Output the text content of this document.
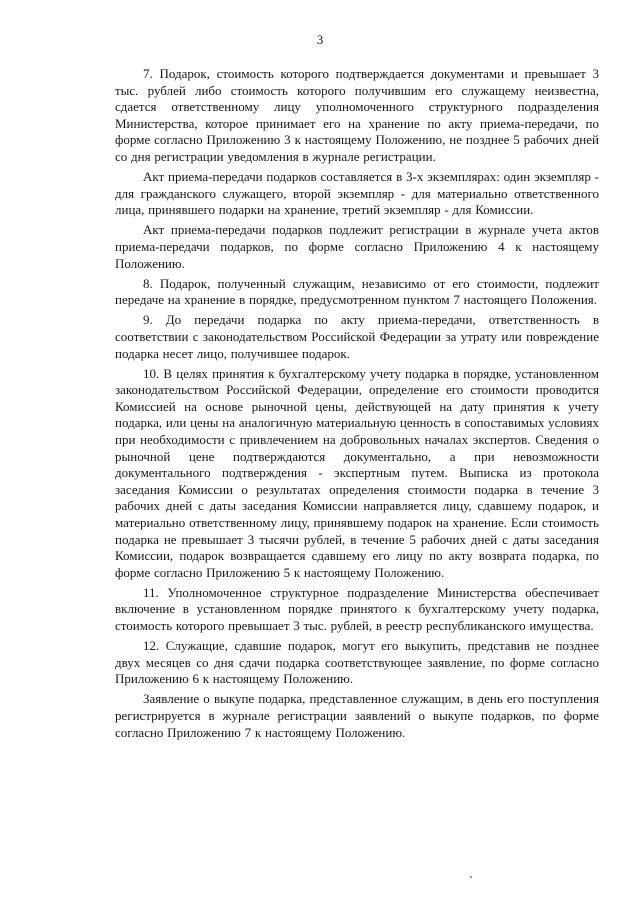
3

7. Подарок, стоимость которого подтверждается документами и превышает 3 тыс. рублей либо стоимость которого получившим его служащему неизвестна, сдается ответственному лицу уполномоченного структурного подразделения Министерства, которое принимает его на хранение по акту приема-передачи, по форме согласно Приложению 3 к настоящему Положению, не позднее 5 рабочих дней со дня регистрации уведомления в журнале регистрации.

Акт приема-передачи подарков составляется в 3-х экземплярах: один экземпляр - для гражданского служащего, второй экземпляр - для материально ответственного лица, принявшего подарки на хранение, третий экземпляр - для Комиссии.

Акт приема-передачи подарков подлежит регистрации в журнале учета актов приема-передачи подарков, по форме согласно Приложению 4 к настоящему Положению.

8. Подарок, полученный служащим, независимо от его стоимости, подлежит передаче на хранение в порядке, предусмотренном пунктом 7 настоящего Положения.

9. До передачи подарка по акту приема-передачи, ответственность в соответствии с законодательством Российской Федерации за утрату или повреждение подарка несет лицо, получившее подарок.

10. В целях принятия к бухгалтерскому учету подарка в порядке, установленном законодательством Российской Федерации, определение его стоимости проводится Комиссией на основе рыночной цены, действующей на дату принятия к учету подарка, или цены на аналогичную материальную ценность в сопоставимых условиях при необходимости с привлечением на добровольных началах экспертов. Сведения о рыночной цене подтверждаются документально, а при невозможности документального подтверждения - экспертным путем. Выписка из протокола заседания Комиссии о результатах определения стоимости подарка в течение 3 рабочих дней с даты заседания Комиссии направляется лицу, сдавшему подарок, и материально ответственному лицу, принявшему подарок на хранение. Если стоимость подарка не превышает 3 тысячи рублей, в течение 5 рабочих дней с даты заседания Комиссии, подарок возвращается сдавшему его лицу по акту возврата подарка, по форме согласно Приложению 5 к настоящему Положению.

11. Уполномоченное структурное подразделение Министерства обеспечивает включение в установленном порядке принятого к бухгалтерскому учету подарка, стоимость которого превышает 3 тыс. рублей, в реестр республиканского имущества.

12. Служащие, сдавшие подарок, могут его выкупить, представив не позднее двух месяцев со дня сдачи подарка соответствующее заявление, по форме согласно Приложению 6 к настоящему Положению.

Заявление о выкупе подарка, представленное служащим, в день его поступления регистрируется в журнале регистрации заявлений о выкупе подарков, по форме согласно Приложению 7 к настоящему Положению.
